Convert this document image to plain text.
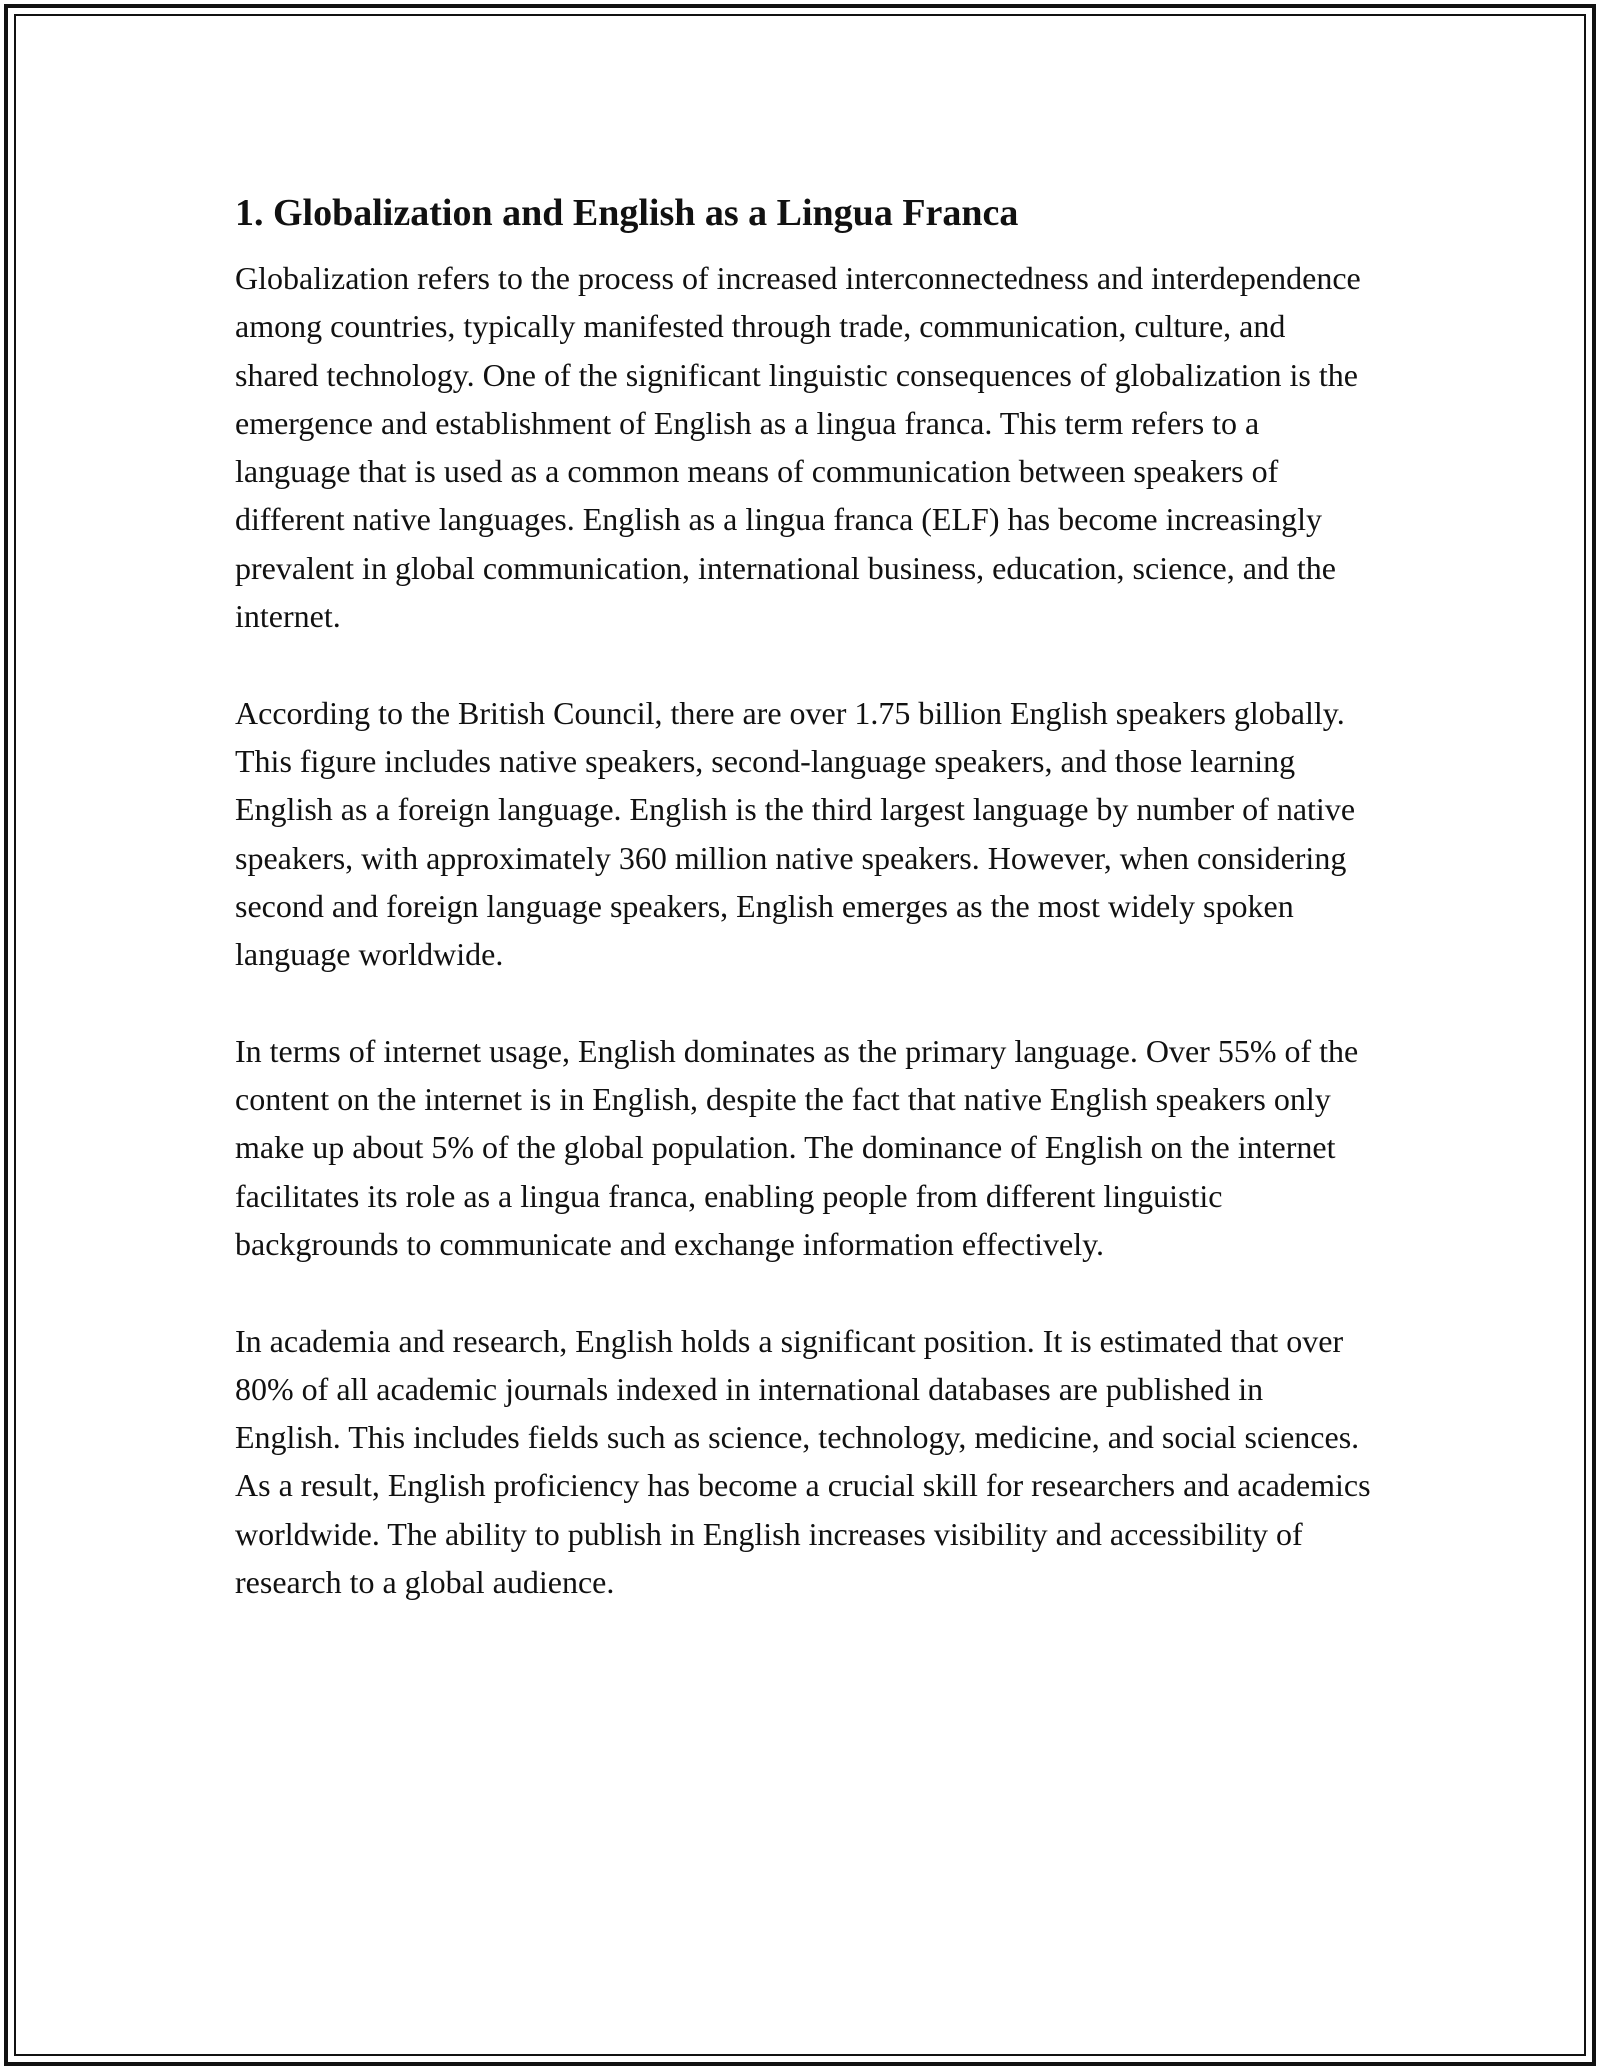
1. Globalization and English as a Lingua Franca

Globalization refers to the process of increased interconnectedness and interdependence among countries, typically manifested through trade, communication, culture, and shared technology. One of the significant linguistic consequences of globalization is the emergence and establishment of English as a lingua franca. This term refers to a language that is used as a common means of communication between speakers of different native languages. English as a lingua franca (ELF) has become increasingly prevalent in global communication, international business, education, science, and the internet.

According to the British Council, there are over 1.75 billion English speakers globally. This figure includes native speakers, second-language speakers, and those learning English as a foreign language. English is the third largest language by number of native speakers, with approximately 360 million native speakers. However, when considering second and foreign language speakers, English emerges as the most widely spoken language worldwide.

In terms of internet usage, English dominates as the primary language. Over 55% of the content on the internet is in English, despite the fact that native English speakers only make up about 5% of the global population. The dominance of English on the internet facilitates its role as a lingua franca, enabling people from different linguistic backgrounds to communicate and exchange information effectively.

In academia and research, English holds a significant position. It is estimated that over 80% of all academic journals indexed in international databases are published in English. This includes fields such as science, technology, medicine, and social sciences. As a result, English proficiency has become a crucial skill for researchers and academics worldwide. The ability to publish in English increases visibility and accessibility of research to a global audience.
